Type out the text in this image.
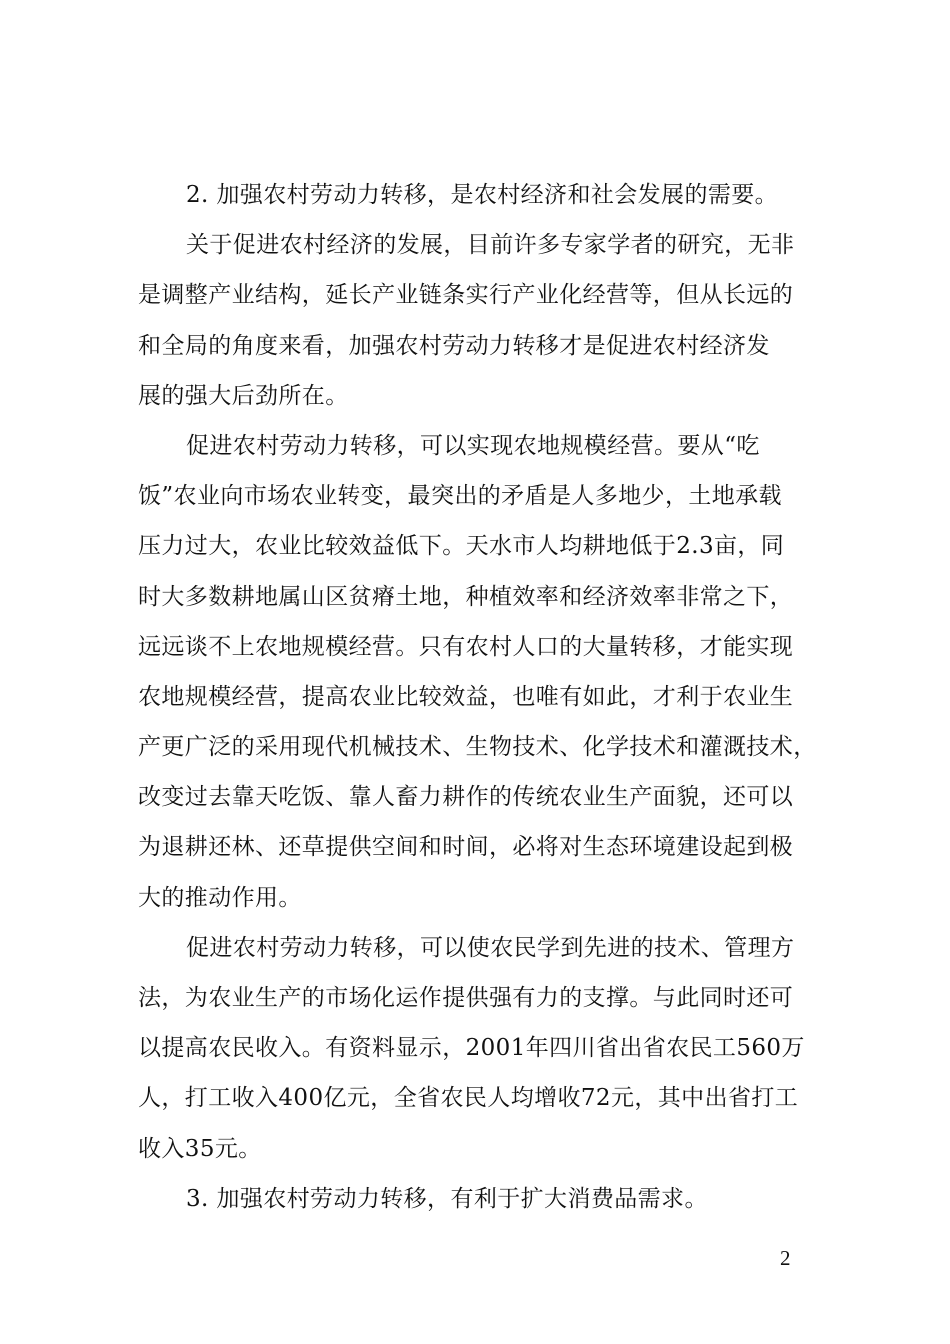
2. 加强农村劳动力转移，是农村经济和社会发展的需要。
关于促进农村经济的发展，目前许多专家学者的研究，无非
是调整产业结构，延长产业链条实行产业化经营等，但从长远的
和全局的角度来看，加强农村劳动力转移才是促进农村经济发
展的强大后劲所在。
促进农村劳动力转移，可以实现农地规模经营。要从“吃
饭”农业向市场农业转变，最突出的矛盾是人多地少，土地承载
压力过大，农业比较效益低下。天水市人均耕地低于2.3亩，同
时大多数耕地属山区贫瘠土地，种植效率和经济效率非常之下，
远远谈不上农地规模经营。只有农村人口的大量转移，才能实现
农地规模经营，提高农业比较效益，也唯有如此，才利于农业生
产更广泛的采用现代机械技术、生物技术、化学技术和灌溉技术，
改变过去靠天吃饭、靠人畜力耕作的传统农业生产面貌，还可以
为退耕还林、还草提供空间和时间，必将对生态环境建设起到极
大的推动作用。
促进农村劳动力转移，可以使农民学到先进的技术、管理方
法，为农业生产的市场化运作提供强有力的支撑。与此同时还可
以提高农民收入。有资料显示，2001年四川省出省农民工560万
人，打工收入400亿元，全省农民人均增收72元，其中出省打工
收入35元。
3. 加强农村劳动力转移，有利于扩大消费品需求。
2
